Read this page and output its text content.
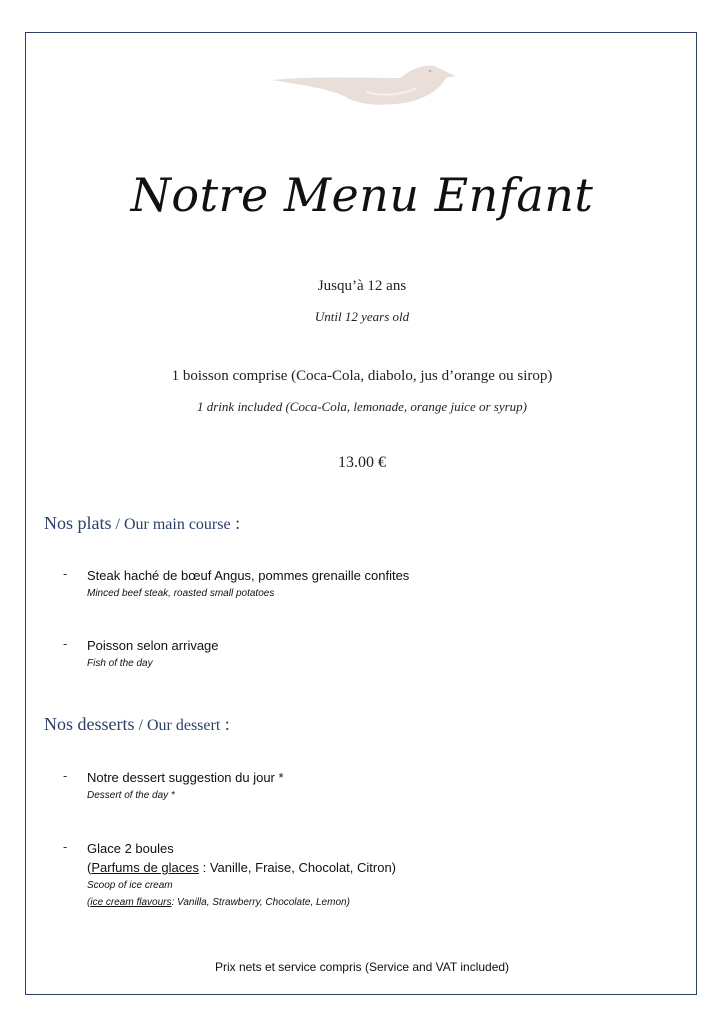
Notre Menu Enfant
Jusqu’à 12 ans
Until 12 years old
1 boisson comprise (Coca-Cola, diabolo, jus d’orange ou sirop)
1 drink included (Coca-Cola, lemonade, orange juice or syrup)
13.00 €
Nos plats / Our main course :
- Steak haché de bœuf Angus, pommes grenaille confites
Minced beef steak, roasted small potatoes
- Poisson selon arrivage
Fish of the day
Nos desserts / Our dessert :
- Notre dessert suggestion du jour *
Dessert of the day *
- Glace 2 boules
(Parfums de glaces : Vanille, Fraise, Chocolat, Citron)
Scoop of ice cream
(ice cream flavours: Vanilla, Strawberry, Chocolate, Lemon)
Prix nets et service compris (Service and VAT included)
